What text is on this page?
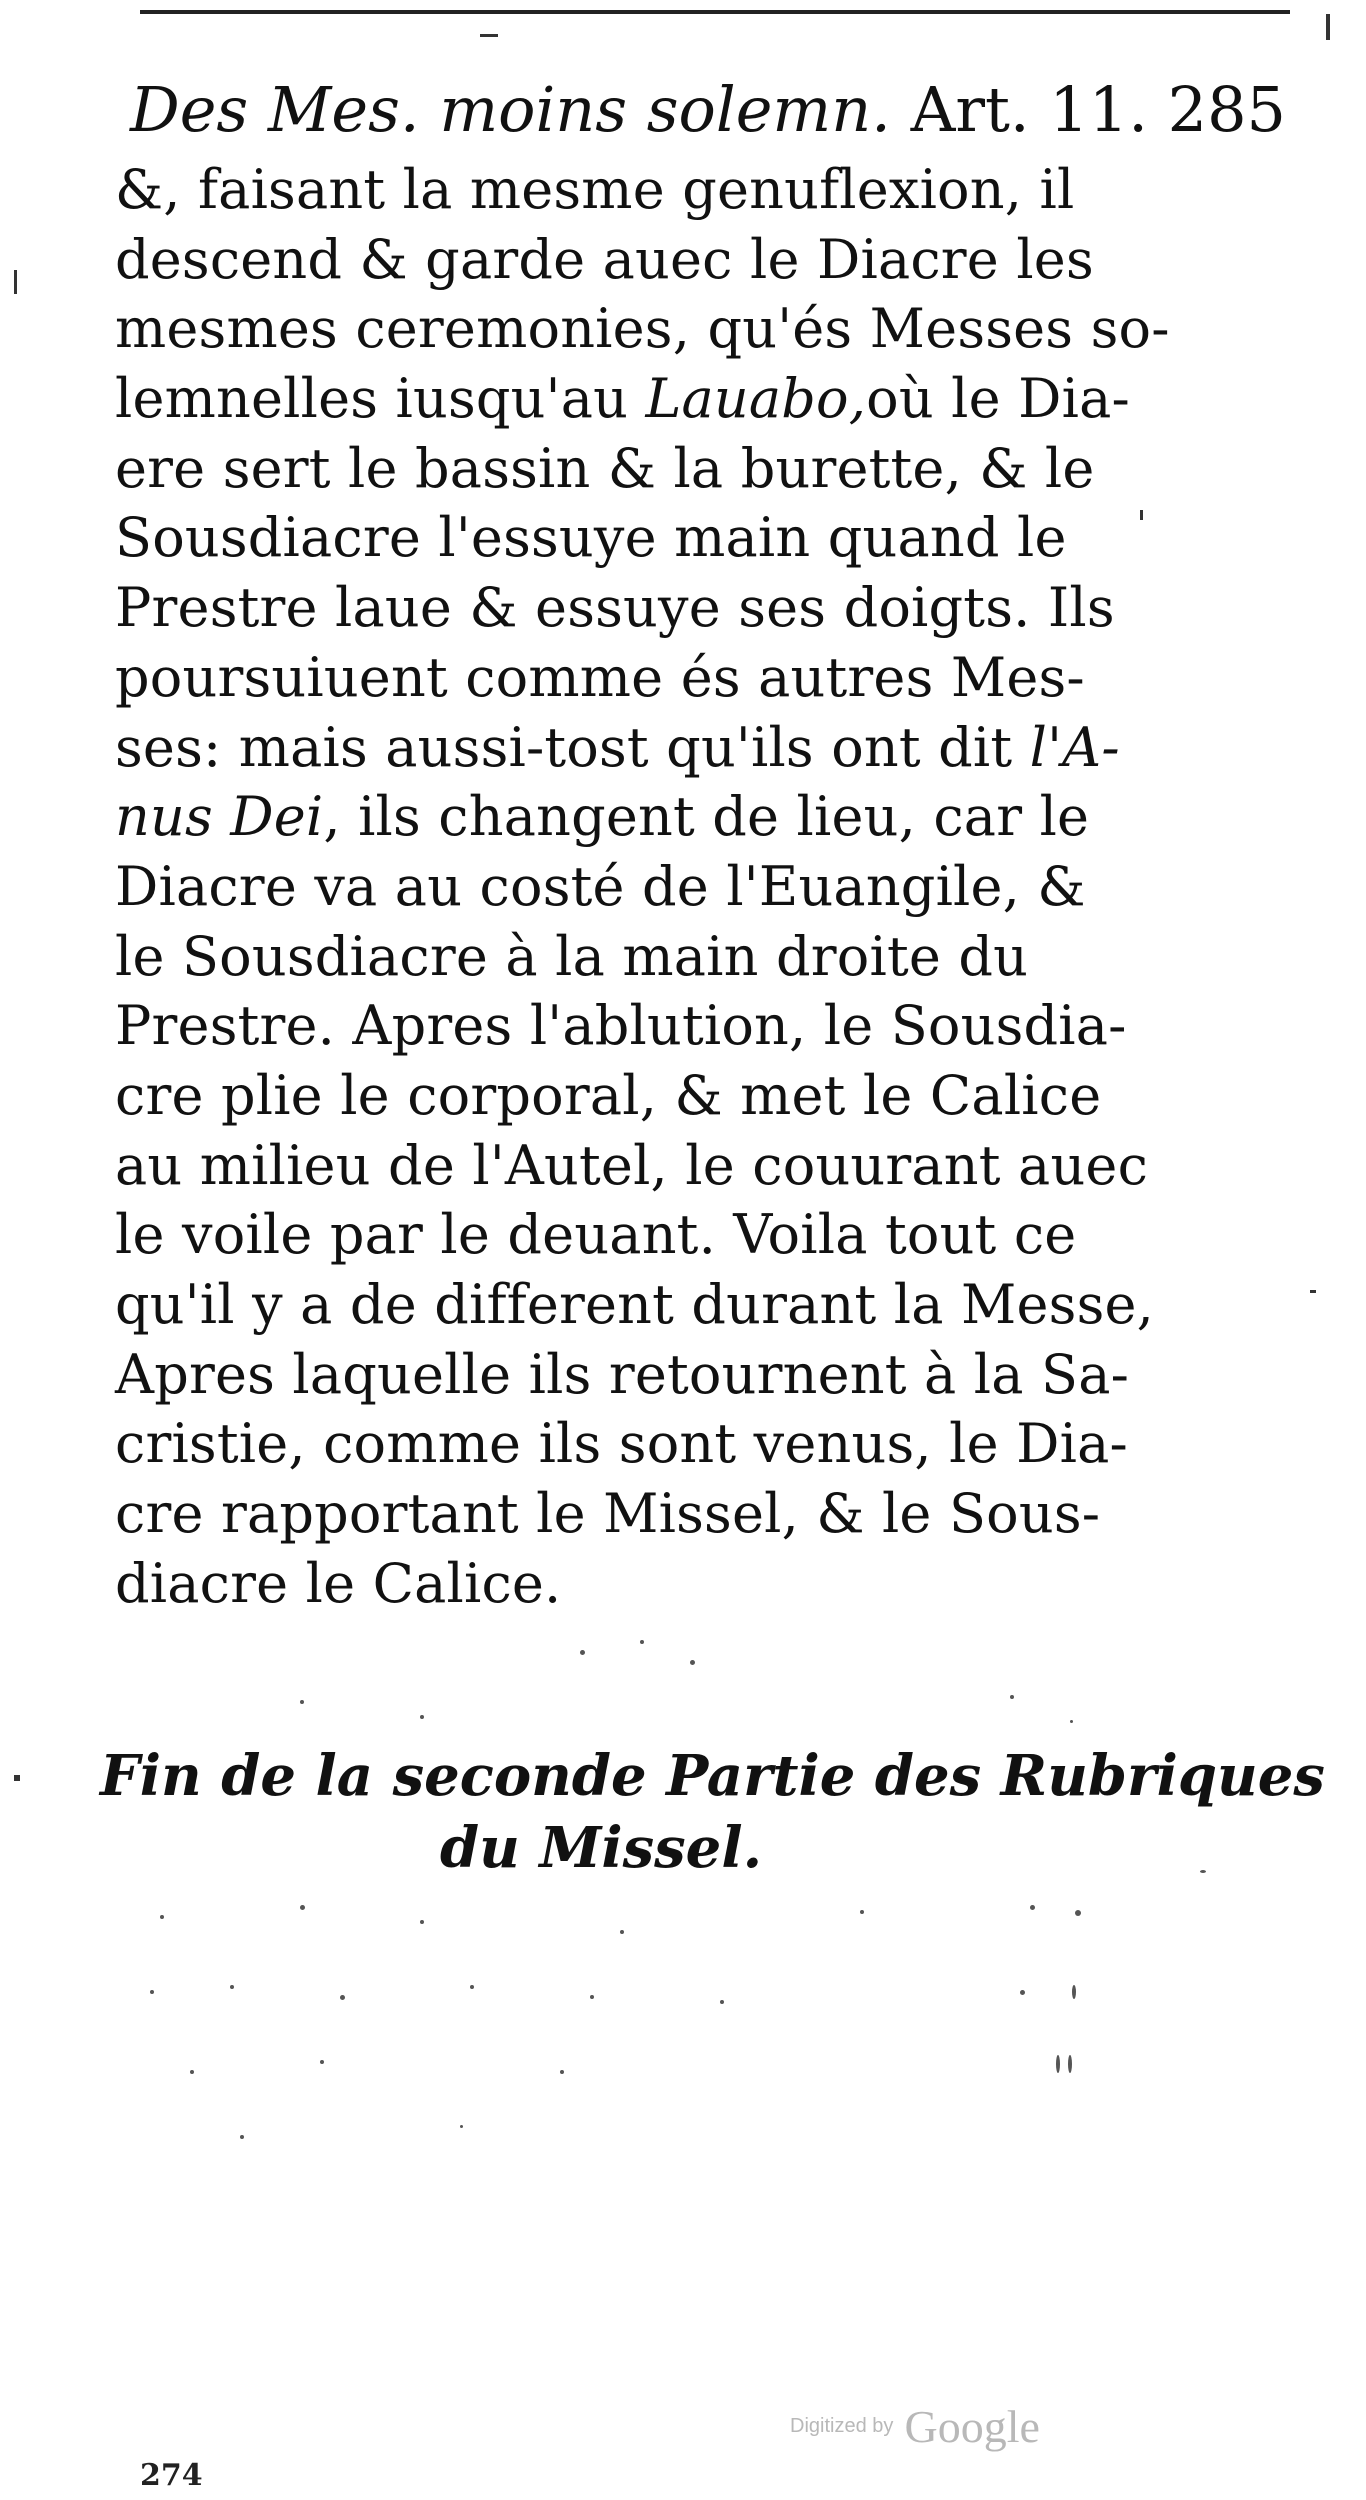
Des Mes. moins solemn. Art. 11. 285
&, faisant la mesme genuflexion, il
descend & garde auec le Diacre les
mesmes ceremonies, qu'és Messes so-
lemnelles iusqu'au Lauabo,où le Dia-
ere sert le bassin & la burette, & le
Sousdiacre l'essuye main quand le
Prestre laue & essuye ses doigts. Ils
poursuiuent comme és autres Mes-
ses: mais aussi-tost qu'ils ont dit l'A-
nus Dei, ils changent de lieu, car le
Diacre va au costé de l'Euangile, &
le Sousdiacre à la main droite du
Prestre. Apres l'ablution, le Sousdia-
cre plie le corporal, & met le Calice
au milieu de l'Autel, le couurant auec
le voile par le deuant. Voila tout ce
qu'il y a de different durant la Messe,
Apres laquelle ils retournent à la Sa-
cristie, comme ils sont venus, le Dia-
cre rapportant le Missel, & le Sous-
diacre le Calice.
Fin de la seconde Partie des Rubriques
du Missel.
Digitized by Google
274
